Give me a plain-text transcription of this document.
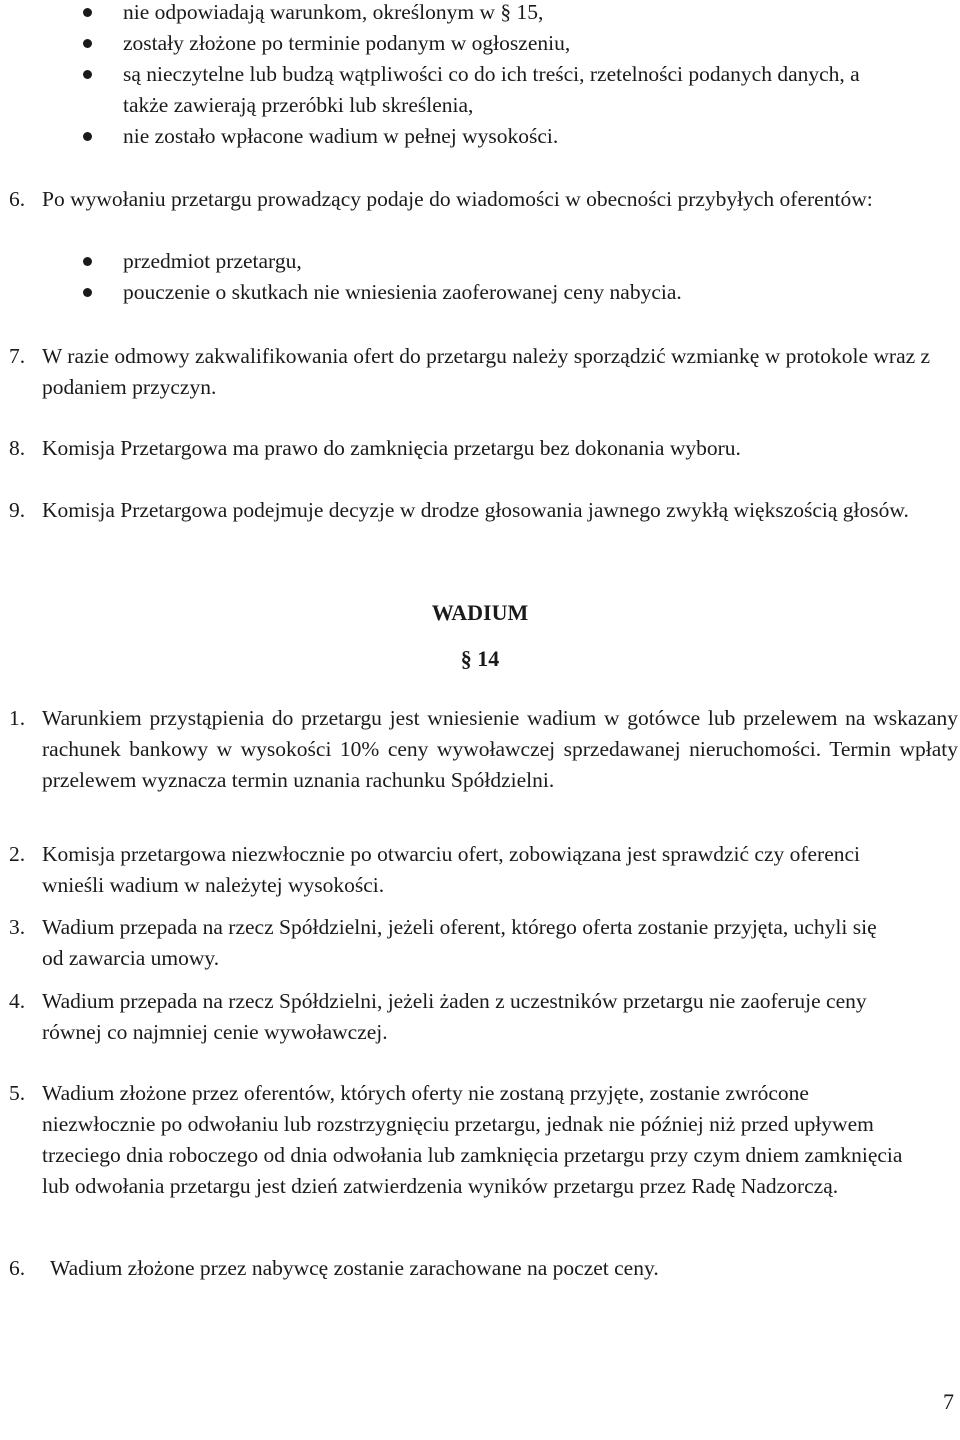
nie odpowiadają warunkom, określonym w § 15,
zostały złożone po terminie podanym w ogłoszeniu,
są nieczytelne lub budzą wątpliwości co do ich treści, rzetelności podanych danych, a także zawierają przeróbki lub skreślenia,
nie zostało wpłacone wadium w pełnej wysokości.
6. Po wywołaniu przetargu prowadzący podaje do wiadomości w obecności przybyłych oferentów:
przedmiot przetargu,
pouczenie o skutkach nie wniesienia zaoferowanej ceny nabycia.
7. W razie odmowy zakwalifikowania ofert do przetargu należy sporządzić wzmiankę w protokole wraz z podaniem przyczyn.
8. Komisja Przetargowa ma prawo do zamknięcia przetargu bez dokonania wyboru.
9. Komisja Przetargowa podejmuje decyzje w drodze głosowania jawnego zwykłą większością głosów.
WADIUM
§ 14
1. Warunkiem przystąpienia do przetargu jest wniesienie wadium w gotówce lub przelewem na wskazany rachunek bankowy w wysokości 10% ceny wywoławczej sprzedawanej nieruchomości. Termin wpłaty przelewem wyznacza termin uznania rachunku Spółdzielni.
2. Komisja przetargowa niezwłocznie po otwarciu ofert, zobowiązana jest sprawdzić czy oferenci wnieśli wadium w należytej wysokości.
3. Wadium przepada na rzecz Spółdzielni, jeżeli oferent, którego oferta zostanie przyjęta, uchyli się od zawarcia umowy.
4. Wadium przepada na rzecz Spółdzielni, jeżeli żaden z uczestników przetargu nie zaoferuje ceny równej co najmniej cenie wywoławczej.
5. Wadium złożone przez oferentów, których oferty nie zostaną przyjęte, zostanie zwrócone niezwłocznie po odwołaniu lub rozstrzygnięciu przetargu, jednak nie później niż przed upływem trzeciego dnia roboczego od dnia odwołania lub zamknięcia przetargu przy czym dniem zamknięcia lub odwołania przetargu jest dzień zatwierdzenia wyników przetargu przez Radę Nadzorczą.
6. Wadium złożone przez nabywcę zostanie zarachowane na poczet ceny.
7
